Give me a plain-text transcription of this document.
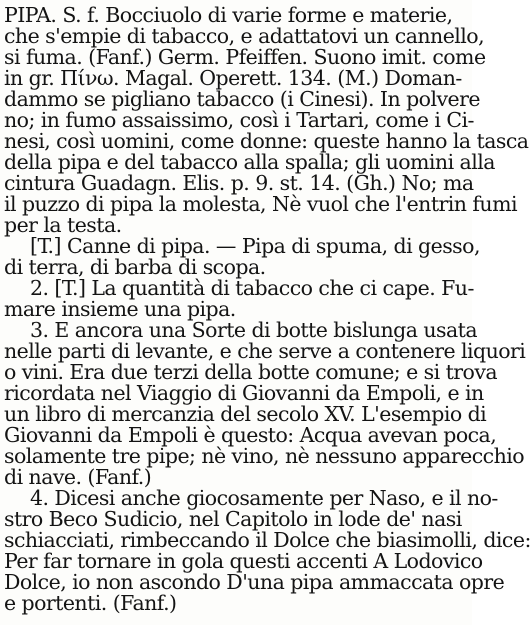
PIPA. S. f. Bocciuolo di varie forme e materie,
che s'empie di tabacco, e adattatovi un cannello,
si fuma. (Fanf.) Germ. Pfeiffen. Suono imit. come
in gr. Πίνω. Magal. Operett. 134. (M.) Doman-
dammo se pigliano tabacco (i Cinesi). In polvere
no; in fumo assaissimo, così i Tartari, come i Ci-
nesi, così uomini, come donne: queste hanno la tasca
della pipa e del tabacco alla spalla; gli uomini alla
cintura Guadagn. Elis. p. 9. st. 14. (Gh.) No; ma
il puzzo di pipa la molesta, Nè vuol che l'entrin fumi
per la testa.
[T.] Canne di pipa. — Pipa di spuma, di gesso,
di terra, di barba di scopa.
2. [T.] La quantità di tabacco che ci cape. Fu-
mare insieme una pipa.
3. E ancora una Sorte di botte bislunga usata
nelle parti di levante, e che serve a contenere liquori
o vini. Era due terzi della botte comune; e si trova
ricordata nel Viaggio di Giovanni da Empoli, e in
un libro di mercanzia del secolo XV. L'esempio di
Giovanni da Empoli è questo: Acqua avevan poca,
solamente tre pipe; nè vino, nè nessuno apparecchio
di nave. (Fanf.)
4. Dicesi anche giocosamente per Naso, e il no-
stro Beco Sudicio, nel Capitolo in lode de' nasi
schiacciati, rimbeccando il Dolce che biasimolli, dice:
Per far tornare in gola questi accenti A Lodovico
Dolce, io non ascondo D'una pipa ammaccata opre
e portenti. (Fanf.)
